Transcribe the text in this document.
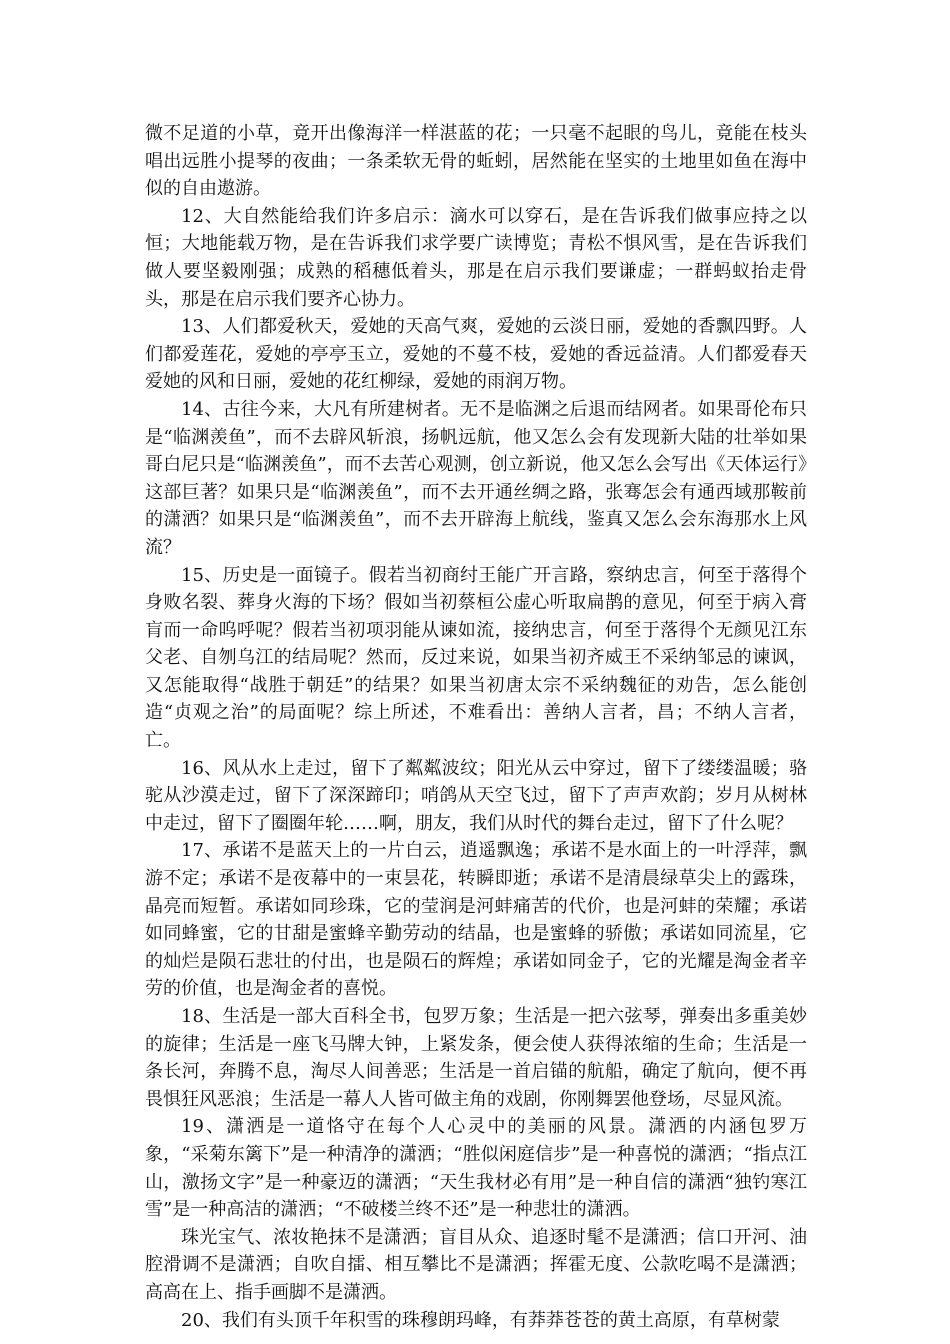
微不足道的小草，竟开出像海洋一样湛蓝的花；一只毫不起眼的鸟儿，竟能在枝头唱出远胜小提琴的夜曲；一条柔软无骨的蚯蚓，居然能在坚实的土地里如鱼在海中似的自由遨游。

12、大自然能给我们许多启示：滴水可以穿石，是在告诉我们做事应持之以恒；大地能载万物，是在告诉我们求学要广读博览；青松不惧风雪，是在告诉我们做人要坚毅刚强；成熟的稻穗低着头，那是在启示我们要谦虚；一群蚂蚁抬走骨头，那是在启示我们要齐心协力。

13、人们都爱秋天，爱她的天高气爽，爱她的云淡日丽，爱她的香飘四野。人们都爱莲花，爱她的亭亭玉立，爱她的不蔓不枝，爱她的香远益清。人们都爱春天爱她的风和日丽，爱她的花红柳绿，爱她的雨润万物。

14、古往今来，大凡有所建树者。无不是临渊之后退而结网者。如果哥伦布只是“临渊羡鱼”，而不去辟风斩浪，扬帆远航，他又怎么会有发现新大陆的壮举如果哥白尼只是“临渊羡鱼”，而不去苦心观测，创立新说，他又怎么会写出《天体运行》这部巨著？如果只是“临渊羡鱼”，而不去开通丝绸之路，张骞怎会有通西域那鞍前的潇洒？如果只是“临渊羡鱼”，而不去开辟海上航线，鉴真又怎么会东海那水上风流？

15、历史是一面镜子。假若当初商纣王能广开言路，察纳忠言，何至于落得个身败名裂、葬身火海的下场？假如当初蔡桓公虚心听取扁鹊的意见，何至于病入膏肓而一命呜呼呢？假若当初项羽能从谏如流，接纳忠言，何至于落得个无颜见江东父老、自刎乌江的结局呢？然而，反过来说，如果当初齐威王不采纳邹忌的谏讽，又怎能取得“战胜于朝廷”的结果？如果当初唐太宗不采纳魏征的劝告，怎么能创造“贞观之治”的局面呢？综上所述，不难看出：善纳人言者，昌；不纳人言者，亡。

16、风从水上走过，留下了粼粼波纹；阳光从云中穿过，留下了缕缕温暖；骆驼从沙漠走过，留下了深深蹄印；哨鸽从天空飞过，留下了声声欢韵；岁月从树林中走过，留下了圈圈年轮……啊，朋友，我们从时代的舞台走过，留下了什么呢？

17、承诺不是蓝天上的一片白云，逍遥飘逸；承诺不是水面上的一叶浮萍，飘游不定；承诺不是夜幕中的一束昙花，转瞬即逝；承诺不是清晨绿草尖上的露珠，晶亮而短暂。承诺如同珍珠，它的莹润是河蚌痛苦的代价，也是河蚌的荣耀；承诺如同蜂蜜，它的甘甜是蜜蜂辛勤劳动的结晶，也是蜜蜂的骄傲；承诺如同流星，它的灿烂是陨石悲壮的付出，也是陨石的辉煌；承诺如同金子，它的光耀是淘金者辛劳的价值，也是淘金者的喜悦。

18、生活是一部大百科全书，包罗万象；生活是一把六弦琴，弹奏出多重美妙的旋律；生活是一座飞马牌大钟，上紧发条，便会使人获得浓缩的生命；生活是一条长河，奔腾不息，淘尽人间善恶；生活是一首启锚的航船，确定了航向，便不再畏惧狂风恶浪；生活是一幕人人皆可做主角的戏剧，你刚舞罢他登场，尽显风流。

19、潇洒是一道恪守在每个人心灵中的美丽的风景。潇洒的内涵包罗万象，“采菊东篱下”是一种清净的潇洒；“胜似闲庭信步”是一种喜悦的潇洒；“指点江山，激扬文字”是一种豪迈的潇洒；“天生我材必有用”是一种自信的潇洒“独钓寒江雪”是一种高洁的潇洒；“不破楼兰终不还”是一种悲壮的潇洒。

珠光宝气、浓妆艳抹不是潇洒；盲目从众、追逐时髦不是潇洒；信口开河、油腔滑调不是潇洒；自吹自擂、相互攀比不是潇洒；挥霍无度、公款吃喝不是潇洒；高高在上、指手画脚不是潇洒。

20、我们有头顶千年积雪的珠穆朗玛峰，有莽莽苍苍的黄土高原，有草树蒙
